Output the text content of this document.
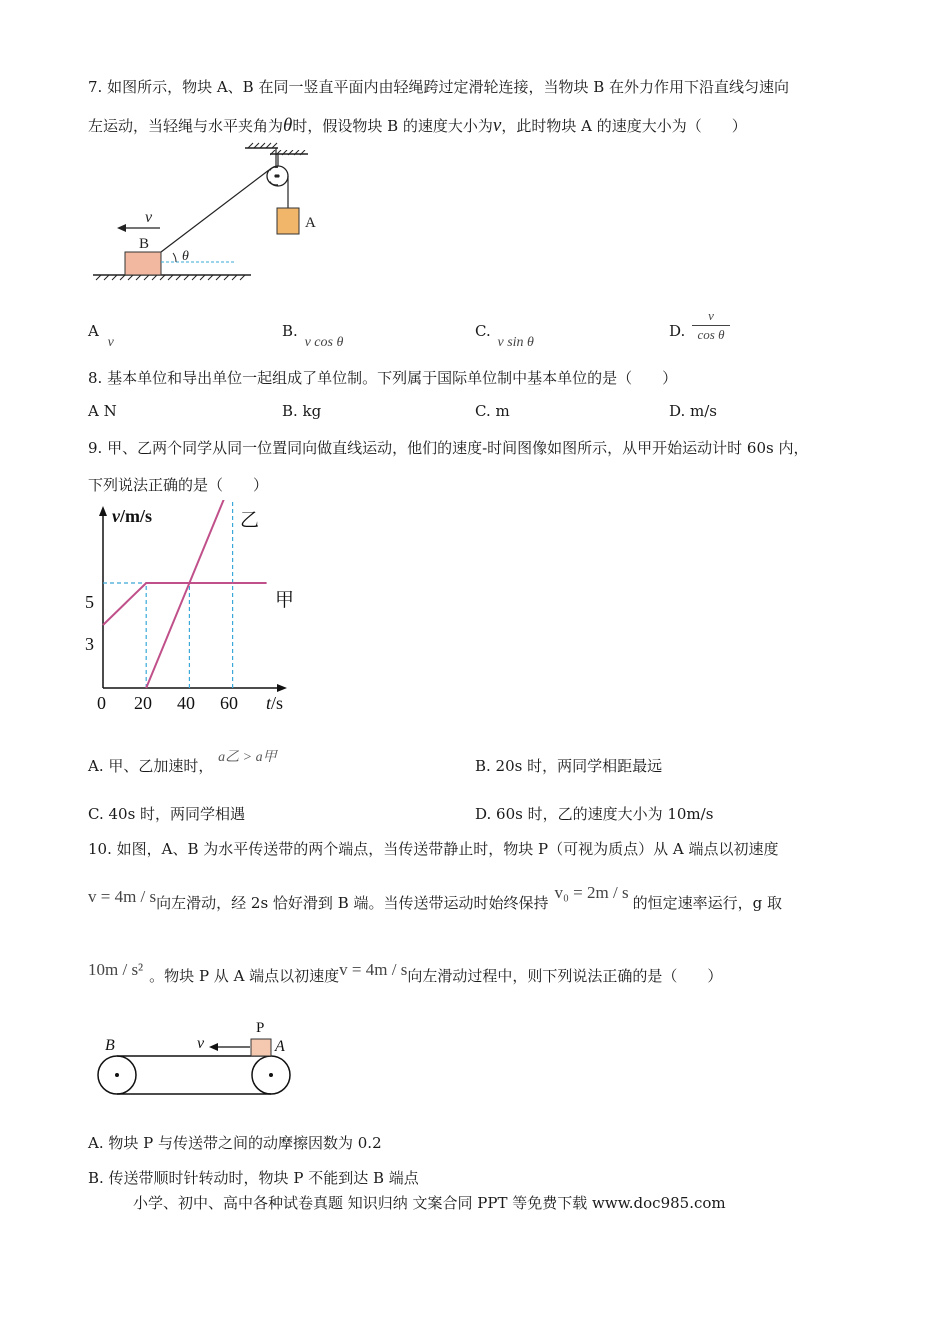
7. 如图所示，物块 A、B 在同一竖直平面内由轻绳跨过定滑轮连接，当物块 B 在外力作用下沿直线匀速向
左运动，当轻绳与水平夹角为θ时，假设物块 B 的速度大小为v，此时物块 A 的速度大小为（　　）
v
B
θ
A
A v
B. v cos θ
C. v sin θ
D.
v
cos θ
8. 基本单位和导出单位一起组成了单位制。下列属于国际单位制中基本单位的是（　　）
A N	B. kg	C. m	D. m/s
9. 甲、乙两个同学从同一位置同向做直线运动，他们的速度-时间图像如图所示，从甲开始运动计时 60s 内，
下列说法正确的是（　　）
v/m/s
t/s
5
3
0 20 40 60
乙
甲
A. 甲、乙加速时， a乙 > a甲	B. 20s 时，两同学相距最远
C. 40s 时，两同学相遇	D. 60s 时，乙的速度大小为 10m/s
10. 如图，A、B 为水平传送带的两个端点，当传送带静止时，物块 P（可视为质点）从 A 端点以初速度
v = 4m / s向左滑动，经 2s 恰好滑到 B 端。当传送带运动时始终保持v₀ = 2m / s的恒定速率运行，g 取
10m / s² 。物块 P 从 A 端点以初速度v = 4m / s向左滑动过程中，则下列说法正确的是（　　）
P
v
B	A
A. 物块 P 与传送带之间的动摩擦因数为 0.2
B. 传送带顺时针转动时，物块 P 不能到达 B 端点
小学、初中、高中各种试卷真题 知识归纳 文案合同 PPT 等免费下载 www.doc985.com
